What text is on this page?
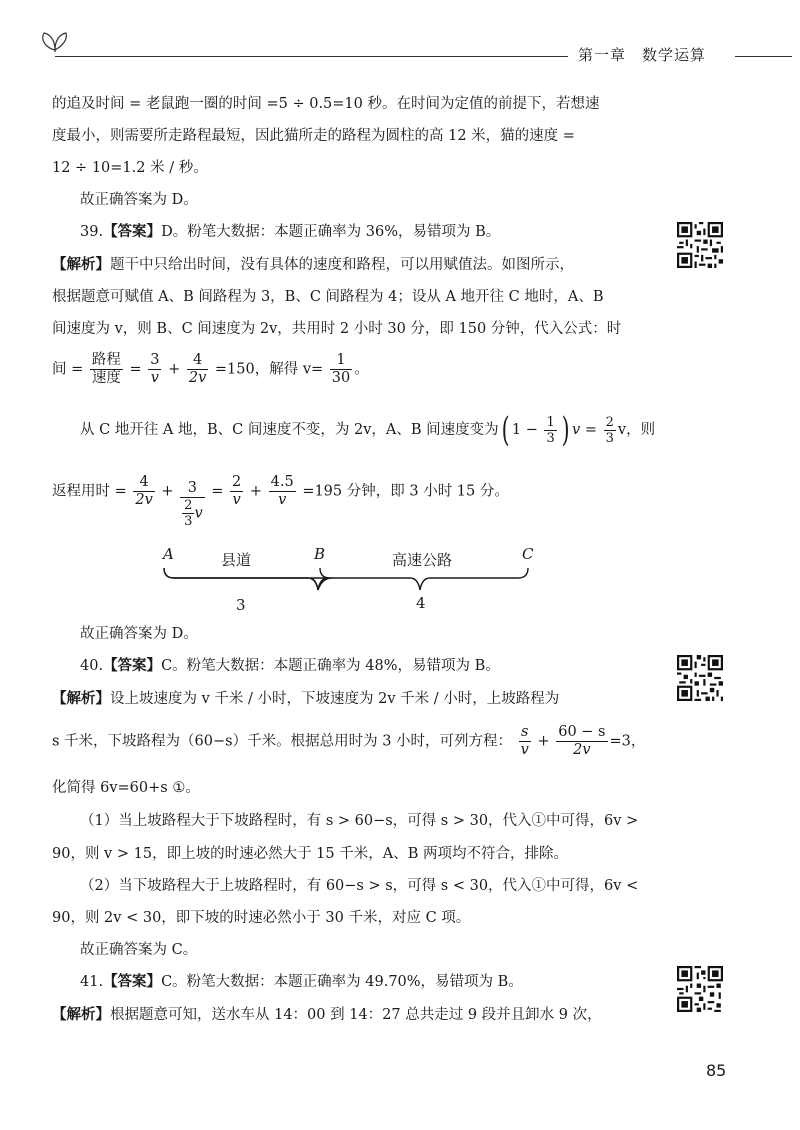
第一章 数学运算
的追及时间 = 老鼠跑一圈的时间 =5 ÷ 0.5=10 秒。在时间为定值的前提下，若想速
度最小，则需要所走路程最短，因此猫所走的路程为圆柱的高 12 米，猫的速度 =
12 ÷ 10=1.2 米 / 秒。
故正确答案为 D。
39.【答案】D。粉笔大数据：本题正确率为 36%，易错项为 B。
【解析】题干中只给出时间，没有具体的速度和路程，可以用赋值法。如图所示，
根据题意可赋值 A、B 间路程为 3，B、C 间路程为 4；设从 A 地开往 C 地时，A、B
间速度为 v，则 B、C 间速度为 2v，共用时 2 小时 30 分，即 150 分钟，代入公式：时
间 = $\frac{\text{路程}}{\text{速度}} = \frac{3}{v} + \frac{4}{2v} =150$，解得 $v= \frac{1}{30}$ 。
从 C 地开往 A 地，B、C 间速度不变，为 2v，A、B 间速度变为( $1 - \frac{1}{3}$ ) $v = \frac{2}{3}$ v，则
返程用时 = $\frac{4}{2v} + \frac{3}{\frac{2}{3} v} = \frac{2}{v} + \frac{4.5}{v} =195$ 分钟，即 3 小时 15 分。
A	县道	B	高速公路	C
3	4
故正确答案为 D。
40.【答案】C。粉笔大数据：本题正确率为 48%，易错项为 B。
【解析】设上坡速度为 v 千米 / 小时，下坡速度为 2v 千米 / 小时，上坡路程为
s 千米，下坡路程为（60−s）千米。根据总用时为 3 小时，可列方程： $\frac{s}{v} + \frac{60 - s}{2v} =3$，
化简得 6v=60+s ①。
（1）当上坡路程大于下坡路程时，有 s > 60−s，可得 s > 30，代入①中可得，6v >
90，则 v > 15，即上坡的时速必然大于 15 千米，A、B 两项均不符合，排除。
（2）当下坡路程大于上坡路程时，有 60−s > s，可得 s < 30，代入①中可得，6v <
90，则 2v < 30，即下坡的时速必然小于 30 千米，对应 C 项。
故正确答案为 C。
41.【答案】C。粉笔大数据：本题正确率为 49.70%，易错项为 B。
【解析】根据题意可知，送水车从 14：00 到 14：27 总共走过 9 段并且卸水 9 次，
85
